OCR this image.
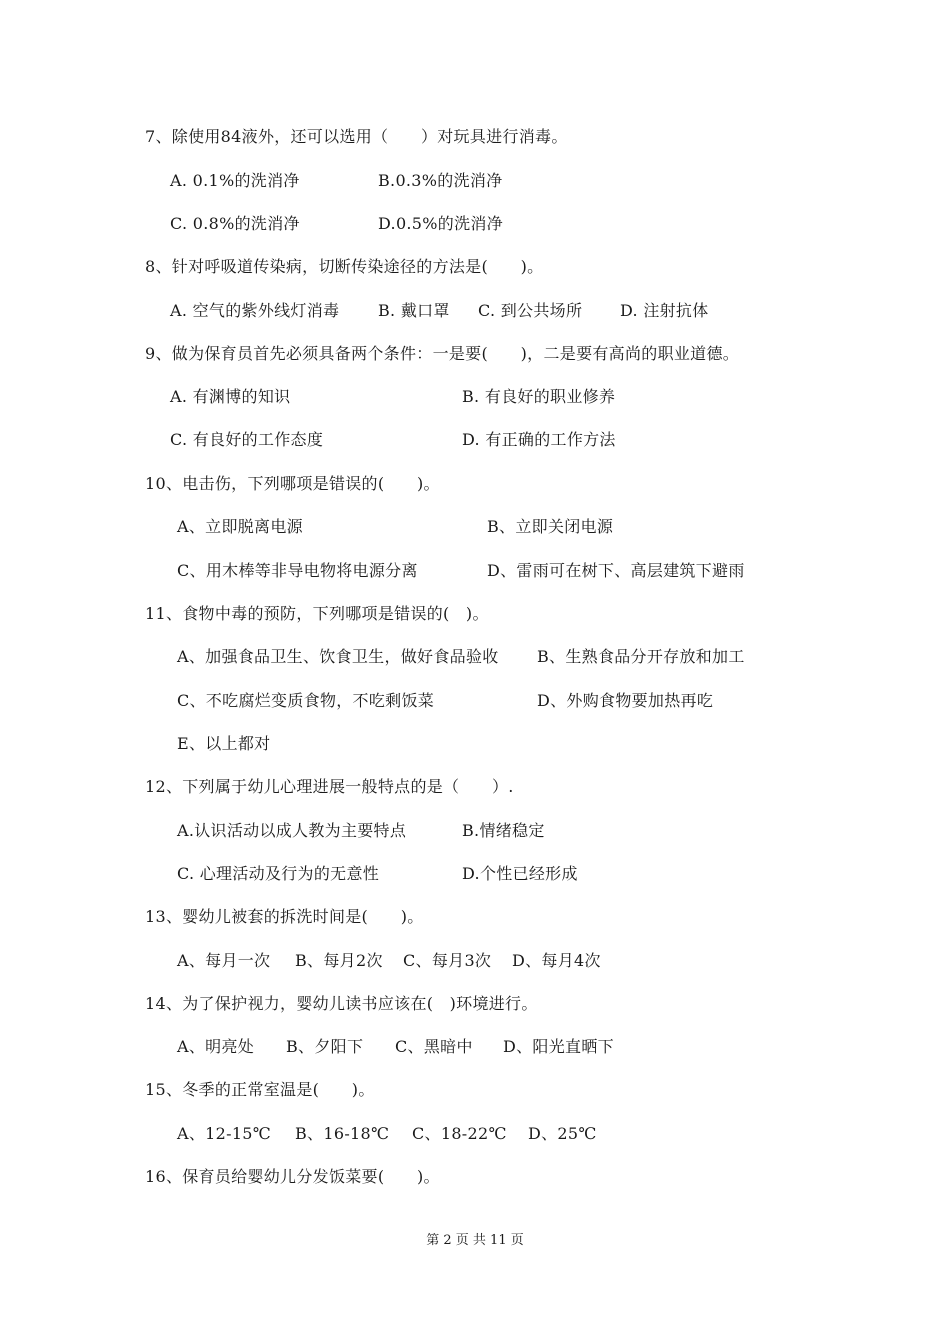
7、除使用84液外，还可以选用（　　）对玩具进行消毒。
A. 0.1%的洗消净	B.0.3%的洗消净
C. 0.8%的洗消净	D.0.5%的洗消净
8、针对呼吸道传染病，切断传染途径的方法是(　　)。
A. 空气的紫外线灯消毒 B. 戴口罩 C. 到公共场所 D. 注射抗体
9、做为保育员首先必须具备两个条件：一是要(　　)，二是要有高尚的职业道德。
A. 有渊博的知识	B. 有良好的职业修养
C. 有良好的工作态度	D. 有正确的工作方法
10、电击伤，下列哪项是错误的(　　)。
A、立即脱离电源	B、立即关闭电源
C、用木棒等非导电物将电源分离	D、雷雨可在树下、高层建筑下避雨
11、食物中毒的预防，下列哪项是错误的(　)。
A、加强食品卫生、饮食卫生，做好食品验收 B、生熟食品分开存放和加工
C、不吃腐烂变质食物，不吃剩饭菜	D、外购食物要加热再吃
E、以上都对
12、下列属于幼儿心理进展一般特点的是（　　）.
A.认识活动以成人教为主要特点	B.情绪稳定
C. 心理活动及行为的无意性	D.个性已经形成
13、婴幼儿被套的拆洗时间是(　　)。
A、每月一次 B、每月2次 C、每月3次 D、每月4次
14、为了保护视力，婴幼儿读书应该在(　)环境进行。
A、明亮处 B、夕阳下 C、黑暗中 D、阳光直晒下
15、冬季的正常室温是(　　)。
A、12-15℃ B、16-18℃ C、18-22℃ D、25℃
16、保育员给婴幼儿分发饭菜要(　　)。
第 2 页 共 11 页
